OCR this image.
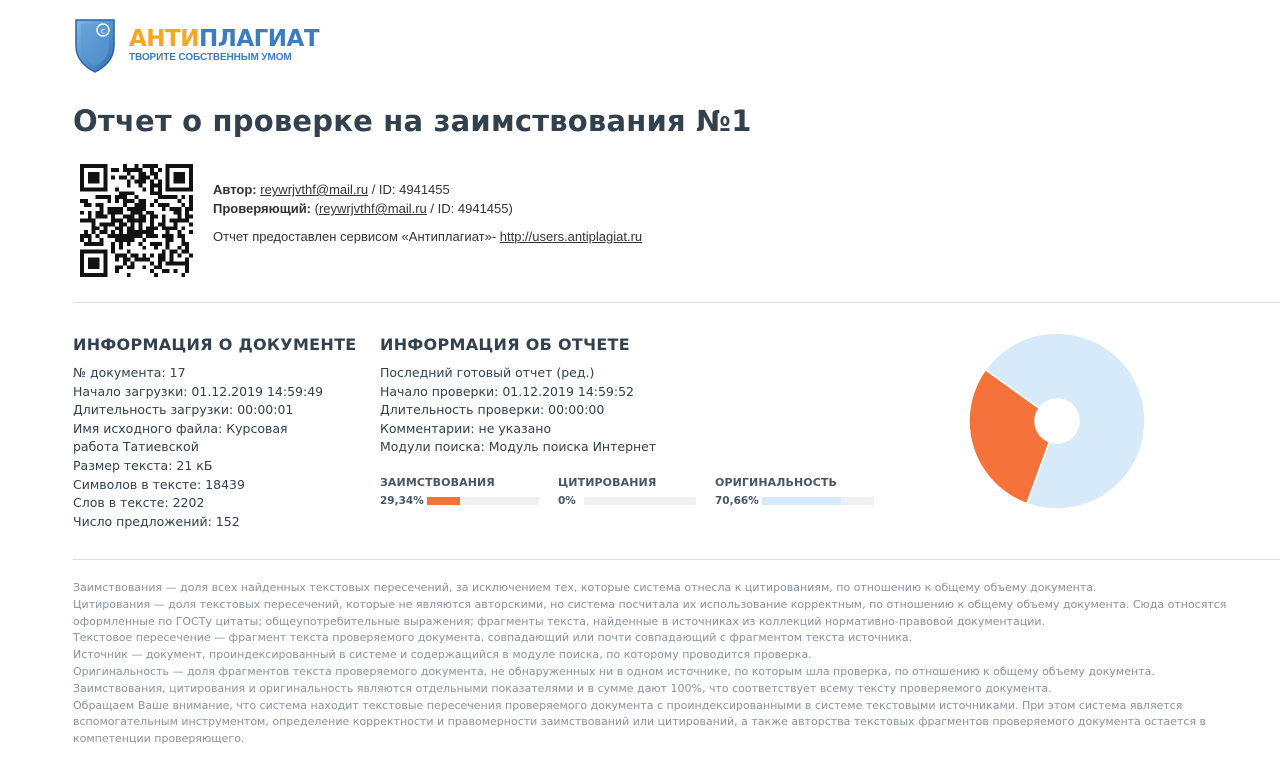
c АНТИПЛАГИАТ
ТВОРИТЕ СОБСТВЕННЫМ УМОМ
Отчет о проверке на заимствования №1
Автор: reywrjvthf@mail.ru / ID: 4941455
Проверяющий: (reywrjvthf@mail.ru / ID: 4941455)
Отчет предоставлен сервисом «Антиплагиат»- http://users.antiplagiat.ru
ИНФОРМАЦИЯ О ДОКУМЕНТЕ
№ документа: 17
Начало загрузки: 01.12.2019 14:59:49
Длительность загрузки: 00:00:01
Имя исходного файла: Курсовая работа Татиевской
Размер текста: 21 кБ
Символов в тексте: 18439
Слов в тексте: 2202
Число предложений: 152
ИНФОРМАЦИЯ ОБ ОТЧЕТЕ
Последний готовый отчет (ред.)
Начало проверки: 01.12.2019 14:59:52
Длительность проверки: 00:00:00
Комментарии: не указано
Модули поиска: Модуль поиска Интернет
ЗАИМСТВОВАНИЯ
29,34%
ЦИТИРОВАНИЯ
0%
ОРИГИНАЛЬНОСТЬ
70,66%

Заимствования — доля всех найденных текстовых пересечений, за исключением тех, которые система отнесла к цитированиям, по отношению к общему объему документа.

Цитирования — доля текстовых пересечений, которые не являются авторскими, но система посчитала их использование корректным, по отношению к общему объему документа. Сюда относятся оформленные по ГОСТу цитаты; общеупотребительные выражения; фрагменты текста, найденные в источниках из коллекций нормативно-правовой документации.

Текстовое пересечение — фрагмент текста проверяемого документа, совпадающий или почти совпадающий с фрагментом текста источника.

Источник — документ, проиндексированный в системе и содержащийся в модуле поиска, по которому проводится проверка.

Оригинальность — доля фрагментов текста проверяемого документа, не обнаруженных ни в одном источнике, по которым шла проверка, по отношению к общему объему документа.

Заимствования, цитирования и оригинальность являются отдельными показателями и в сумме дают 100%, что соответствует всему тексту проверяемого документа.

Обращаем Ваше внимание, что система находит текстовые пересечения проверяемого документа с проиндексированными в системе текстовыми источниками. При этом система является вспомогательным инструментом, определение корректности и правомерности заимствований или цитирований, а также авторства текстовых фрагментов проверяемого документа остается в компетенции проверяющего.
